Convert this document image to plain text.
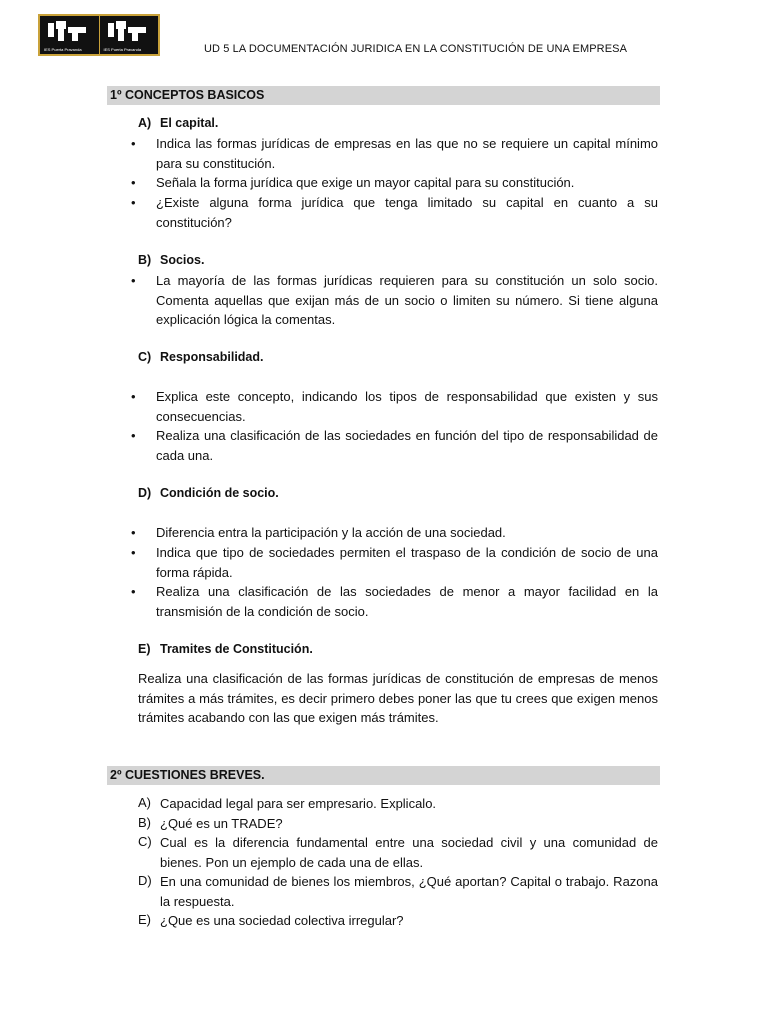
IES Puerta Pravanda	IES Puerta Pravanda	UD 5 LA DOCUMENTACIÓN JURIDICA EN LA CONSTITUCIÓN DE UNA EMPRESA
1º CONCEPTOS BASICOS
A) El capital.
• Indica las formas jurídicas de empresas en las que no se requiere un capital mínimo para su constitución.
• Señala la forma jurídica que exige un mayor capital para su constitución.
• ¿Existe alguna forma jurídica que tenga limitado su capital en cuanto a su constitución?
B) Socios.
• La mayoría de las formas jurídicas requieren para su constitución un solo socio. Comenta aquellas que exijan más de un socio o limiten su número. Si tiene alguna explicación lógica la comentas.
C) Responsabilidad.
• Explica este concepto, indicando los tipos de responsabilidad que existen y sus consecuencias.
• Realiza una clasificación de las sociedades en función del tipo de responsabilidad de cada una.
D) Condición de socio.
• Diferencia entra la participación y la acción de una sociedad.
• Indica que tipo de sociedades permiten el traspaso de la condición de socio de una forma rápida.
• Realiza una clasificación de las sociedades de menor a mayor facilidad en la transmisión de la condición de socio.
E) Tramites de Constitución.
Realiza una clasificación de las formas jurídicas de constitución de empresas de menos trámites a más trámites, es decir primero debes poner las que tu crees que exigen menos trámites acabando con las que exigen más trámites.
2º CUESTIONES BREVES.
A) Capacidad legal para ser empresario. Explicalo.
B) ¿Qué es un TRADE?
C) Cual es la diferencia fundamental entre una sociedad civil y una comunidad de bienes. Pon un ejemplo de cada una de ellas.
D) En una comunidad de bienes los miembros, ¿Qué aportan? Capital o trabajo. Razona la respuesta.
E) ¿Que es una sociedad colectiva irregular?
